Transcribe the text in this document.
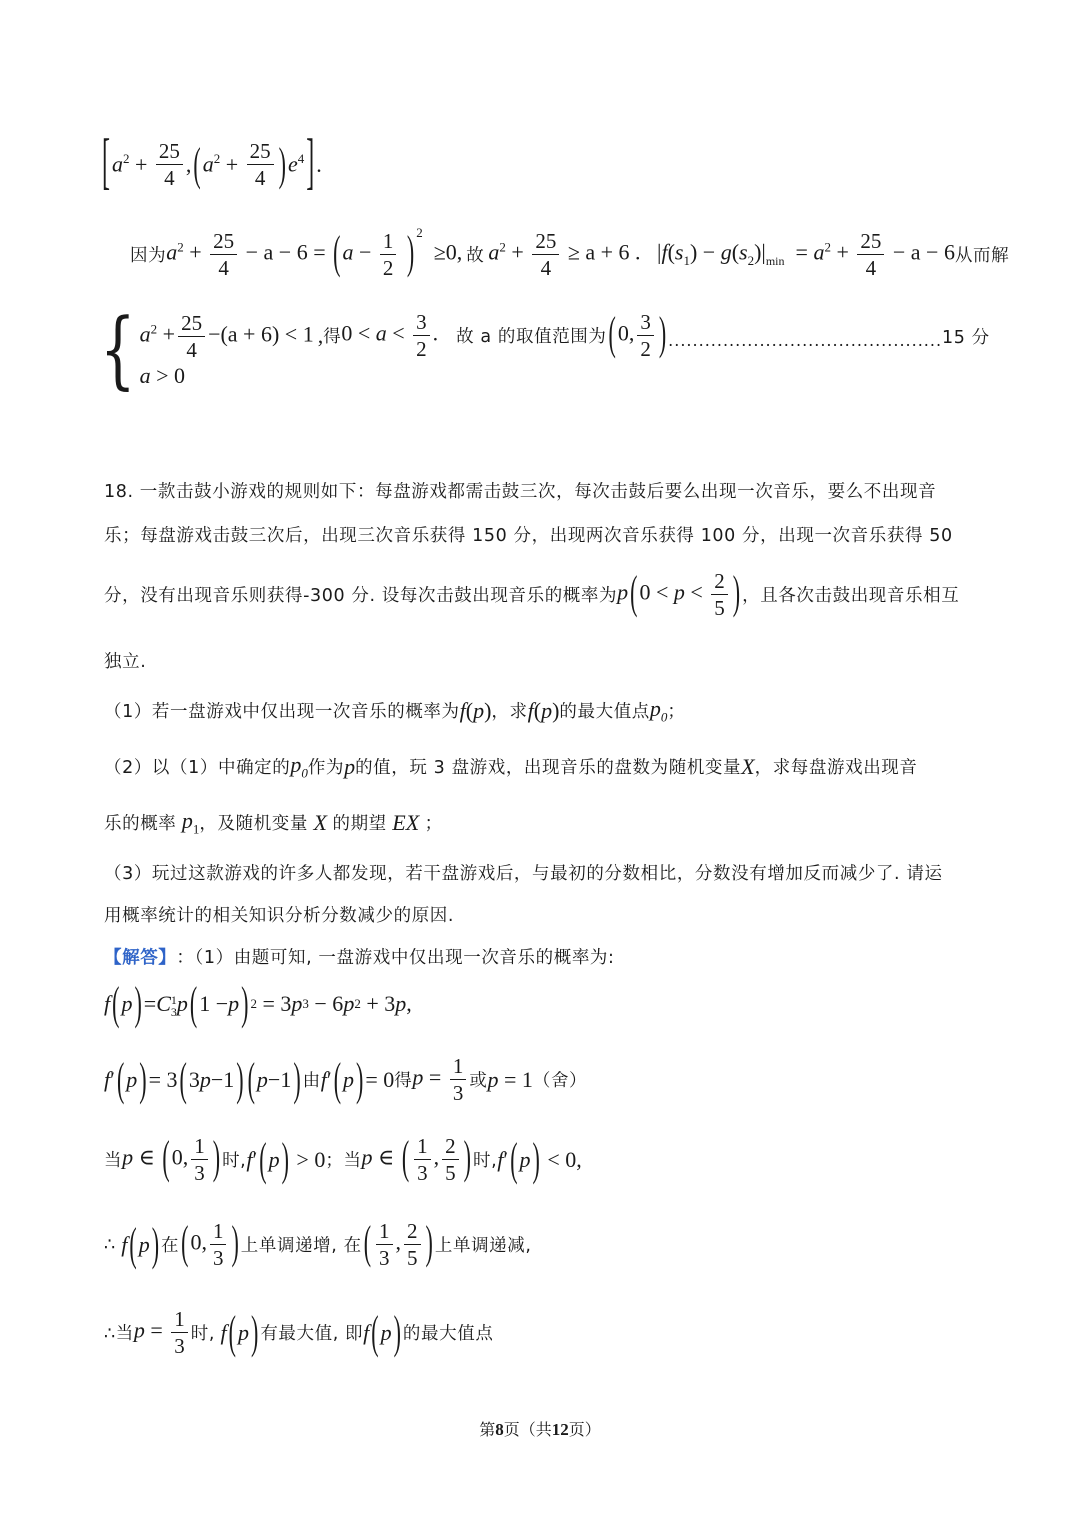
[ $a^2 + \frac{25}{4}$ , ( $a^2 + \frac{25}{4}$ ) $e^4$ ] .
因为 $a^2 + \frac{25}{4} - a - 6 = (a - \frac{1}{2}$ ) $^2$  ≥0, 故 $a^2 + \frac{25}{4} \ge a + 6$ .   $|f(s_1) - g(s_2)|_{min} = a^2 + \frac{25}{4} - a - 6$ 从而解
{ $a^2 + \frac{25}{4} -(a + 6) < 1$
a > 0
, 得 $0 < a < \frac{3}{2}$ . 故 a 的取值范围为 (0, $\frac{3}{2}$ ) ............................................. 15 分
18. 一款击鼓小游戏的规则如下：每盘游戏都需击鼓三次，每次击鼓后要么出现一次音乐，要么不出现音
乐；每盘游戏击鼓三次后，出现三次音乐获得 150 分，出现两次音乐获得 100 分，出现一次音乐获得 50
分，没有出现音乐则获得-300 分. 设每次击鼓出现音乐的概率为 $p(0 < p < \frac{2}{5}$ ) ，且各次击鼓出现音乐相互
独立.
（1）若一盘游戏中仅出现一次音乐的概率为 f(p) ，求 f(p) 的最大值点 $p_0$ ；
（2）以（1）中确定的 $p_0$ 作为 p 的值，玩 3 盘游戏，出现音乐的盘数为随机变量 X ，求每盘游戏出现音
乐的概率 $p_1$ ，及随机变量 X 的期望 EX ；
（3）玩过这款游戏的许多人都发现，若干盘游戏后，与最初的分数相比，分数没有增加反而减少了. 请运
用概率统计的相关知识分析分数减少的原因.
【解答】 ：（1）由题可知, 一盘游戏中仅出现一次音乐的概率为:
f ( p ) = C 1
3 p ( 1 − p ) 2 = 3 p 3 − 6 p 2 + 3 p ,
f′(p)= 3(3p−1) (p−1) 由 f′(p)= 0 得 $p = \frac{1}{3}$ 或 p = 1 （舍）
当 p ∈ (0, $\frac{1}{3}$ ) 时, f′(p) > 0 ；当 p ∈ ( $\frac{1}{3}$ , $\frac{2}{5}$ ) 时, f′(p) < 0,
∴ f(p) 在 (0, $\frac{1}{3}$ ) 上单调递增, 在 ( $\frac{1}{3}$ , $\frac{2}{5}$ ) 上单调递减,
∴当 $p = \frac{1}{3}$ 时, f(p) 有最大值, 即 f(p) 的最大值点
第8页（共12页）
